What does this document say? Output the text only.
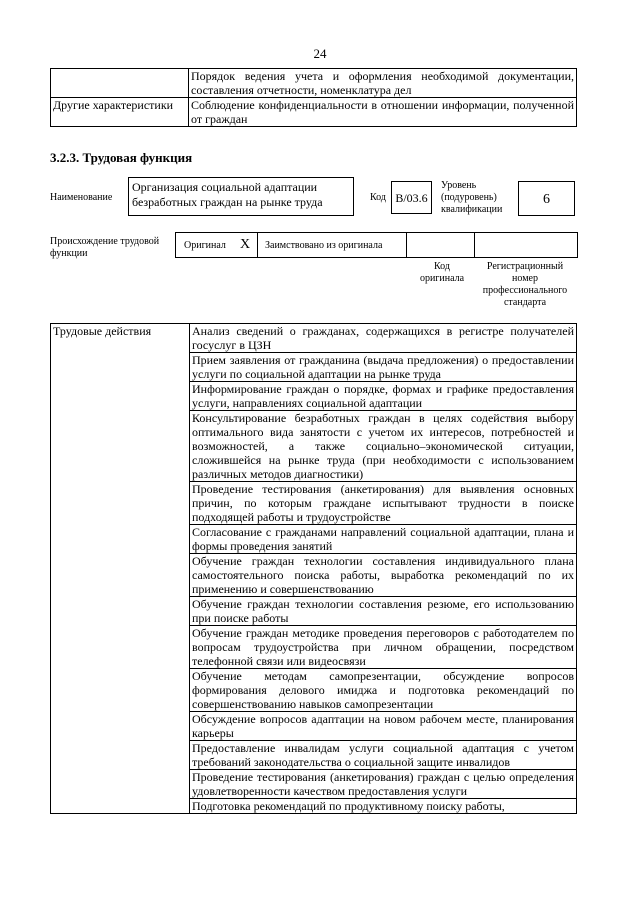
24
	Порядок ведения учета и оформления необходимой документации, составления отчетности, номенклатура дел
Другие характеристики	Соблюдение конфиденциальности в отношении информации, полученной от граждан
3.2.3. Трудовая функция
Наименование
Организация социальной адаптации безработных граждан на рынке труда	Код B/03.6
Уровень (подуровень) квалификации
6
Происхождение трудовой функции
Оригинал X Заимствовано из оригинала
Код оригинала
Регистрационный номер профессионального стандарта
Трудовые действия	Анализ сведений о гражданах, содержащихся в регистре получателей госуслуг в ЦЗН
Прием заявления от гражданина (выдача предложения) о предоставлении услуги по социальной адаптации на рынке труда
Информирование граждан о порядке, формах и графике предоставления услуги, направлениях социальной адаптации
Консультирование безработных граждан в целях содействия выбору оптимального вида занятости с учетом их интересов, потребностей и возможностей, а также социально–экономической ситуации, сложившейся на рынке труда (при необходимости с использованием различных методов диагностики)
Проведение тестирования (анкетирования) для выявления основных причин, по которым граждане испытывают трудности в поиске подходящей работы и трудоустройстве
Согласование с гражданами направлений социальной адаптации, плана и формы проведения занятий
Обучение граждан технологии составления индивидуального плана самостоятельного поиска работы, выработка рекомендаций по их применению и совершенствованию
Обучение граждан технологии составления резюме, его использованию при поиске работы
Обучение граждан методике проведения переговоров с работодателем по вопросам трудоустройства при личном обращении, посредством телефонной связи или видеосвязи
Обучение методам самопрезентации, обсуждение вопросов формирования делового имиджа и подготовка рекомендаций по совершенствованию навыков самопрезентации
Обсуждение вопросов адаптации на новом рабочем месте, планирования карьеры
Предоставление инвалидам услуги социальной адаптация с учетом требований законодательства о социальной защите инвалидов
Проведение тестирования (анкетирования) граждан с целью определения удовлетворенности качеством предоставления услуги
Подготовка рекомендаций по продуктивному поиску работы,
